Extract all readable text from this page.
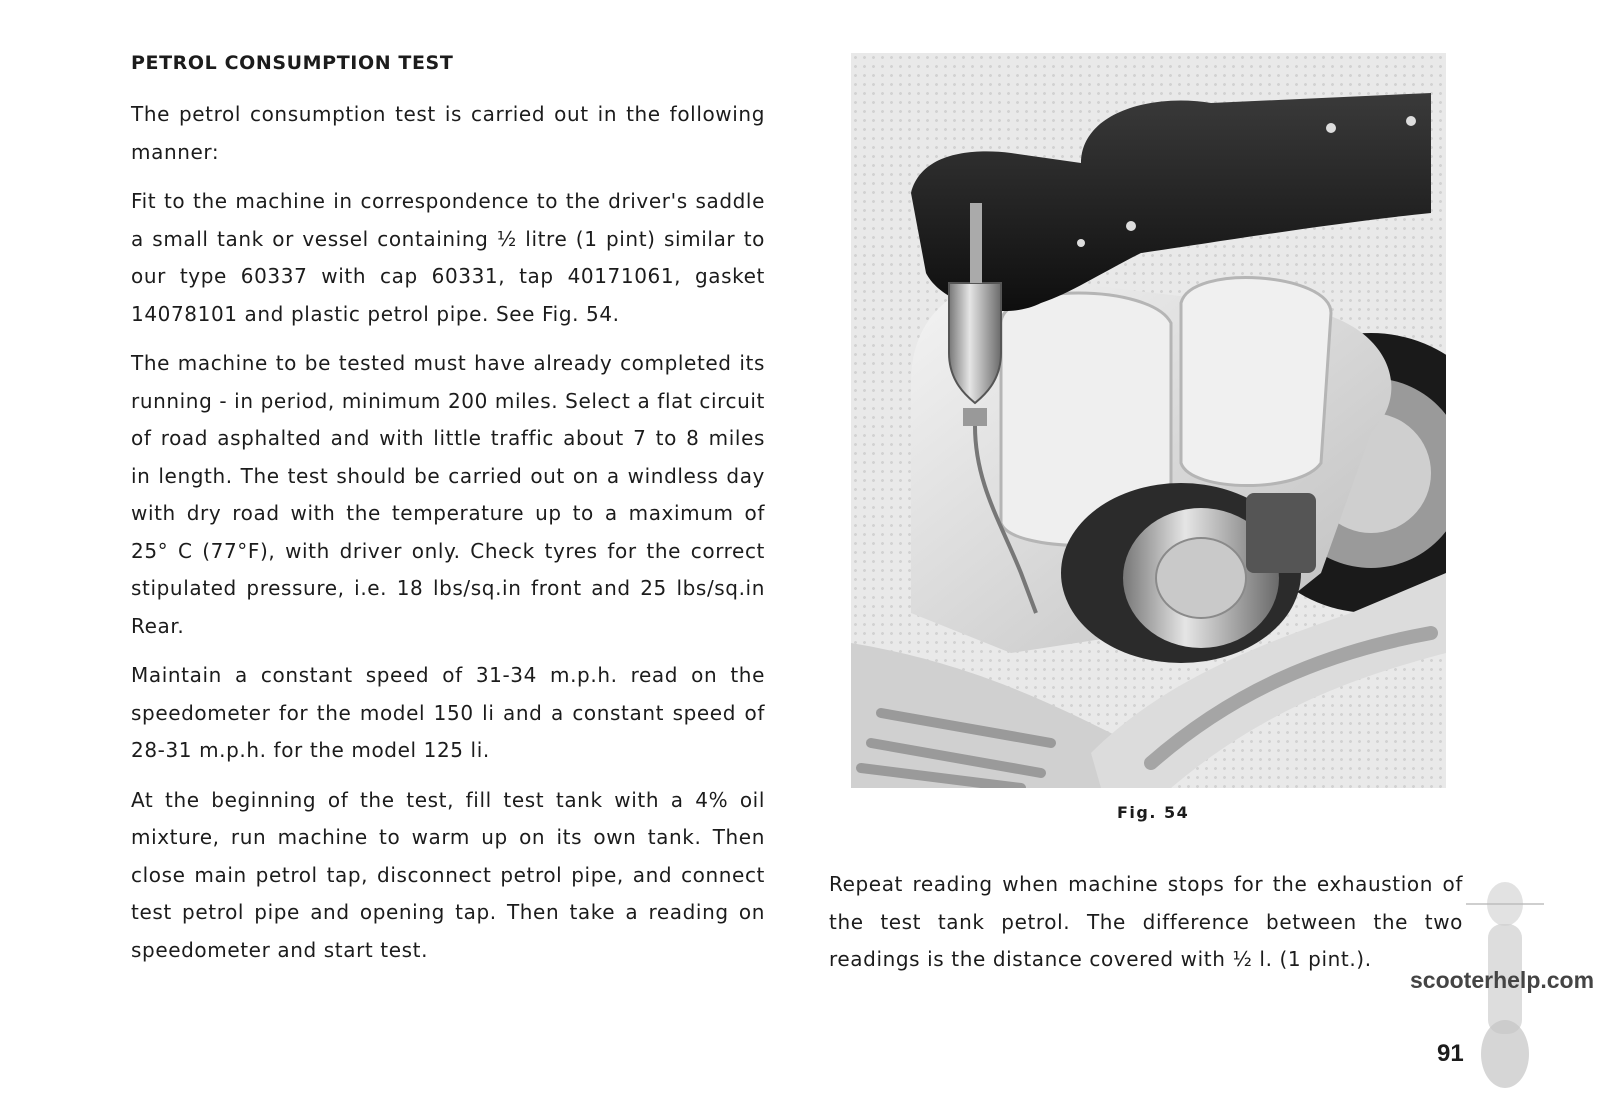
PETROL CONSUMPTION TEST

The petrol consumption test is carried out in the following manner:

Fit to the machine in correspondence to the driver's saddle a small tank or vessel containing ½ litre (1 pint) similar to our type 60337 with cap 60331, tap 40171061, gasket 14078101 and plastic petrol pipe. See Fig. 54.

The machine to be tested must have already completed its running - in period, minimum 200 miles. Select a flat circuit of road asphalted and with little traffic about 7 to 8 miles in length. The test should be carried out on a windless day with dry road with the temperature up to a maximum of 25° C (77°F), with driver only. Check tyres for the correct stipulated pressure, i.e. 18 lbs/sq.in front and 25 lbs/sq.in Rear.

Maintain a constant speed of 31-34 m.p.h. read on the speedometer for the model 150 li and a constant speed of 28-31 m.p.h. for the model 125 li.

At the beginning of the test, fill test tank with a 4% oil mixture, run machine to warm up on its own tank. Then close main petrol tap, disconnect petrol pipe, and connect test petrol pipe and opening tap. Then take a reading on speedometer and start test.

Fig. 54

Repeat reading when machine stops for the exhaustion of the test tank petrol. The difference between the two readings is the distance covered with ½ l. (1 pint.).

scooterhelp.com
91
